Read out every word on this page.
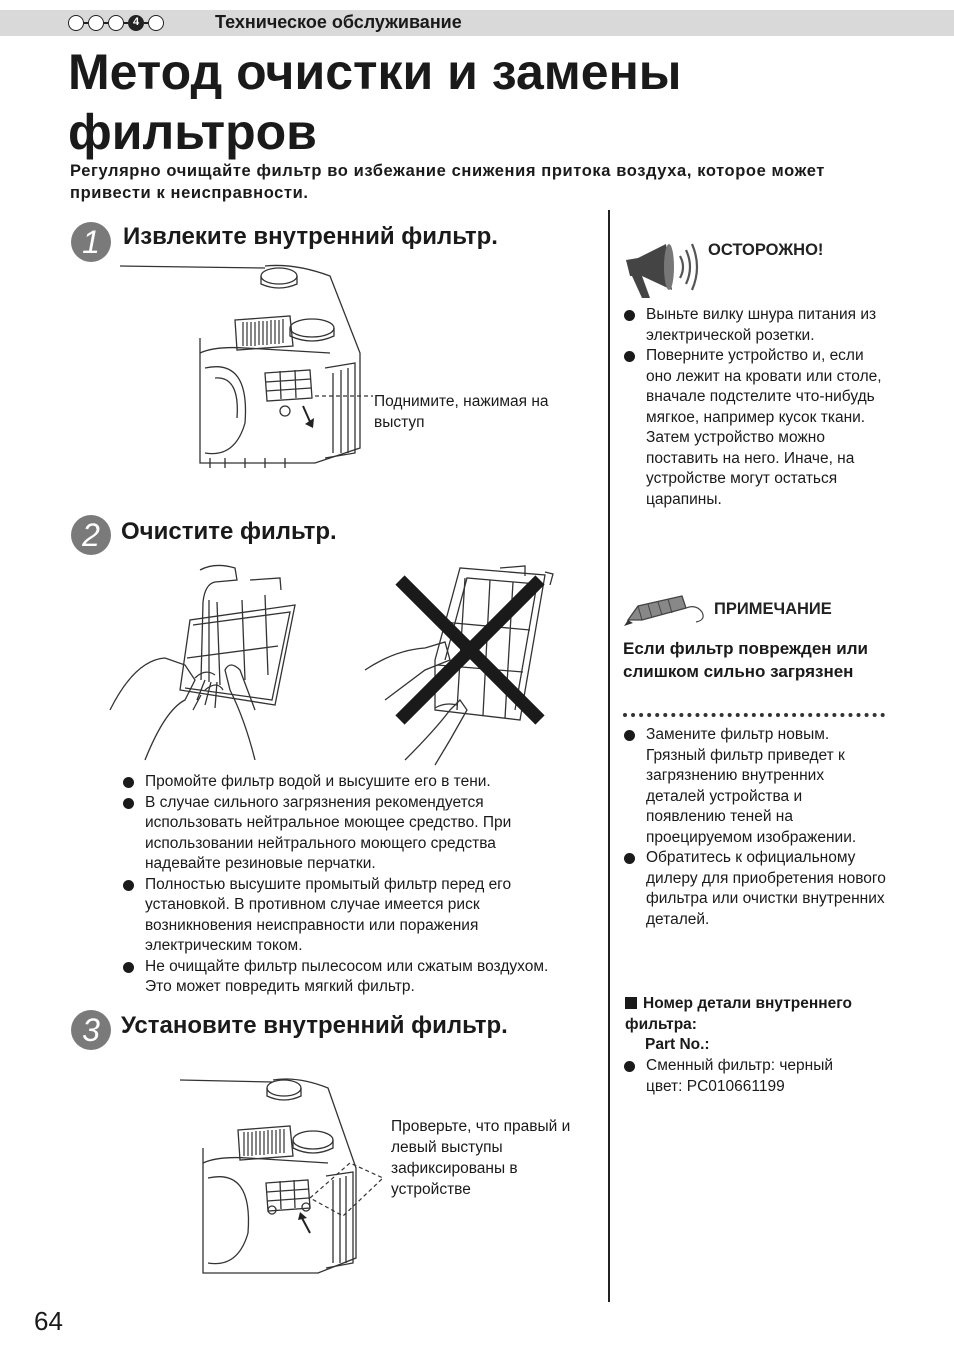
4	Техническое обслуживание
Метод очистки и замены фильтров
Регулярно очищайте фильтр во избежание снижения притока воздуха, которое может привести к неисправности.
1 Извлеките внутренний фильтр.
Поднимите, нажимая на выступ
2 Очистите фильтр.
Промойте фильтр водой и высушите его в тени.
В случае сильного загрязнения рекомендуется использовать нейтральное моющее средство. При использовании нейтрального моющего средства надевайте резиновые перчатки.
Полностью высушите промытый фильтр перед его установкой. В противном случае имеется риск возникновения неисправности или поражения электрическим током.
Не очищайте фильтр пылесосом или сжатым воздухом. Это может повредить мягкий фильтр.
3 Установите внутренний фильтр.
Проверьте, что правый и левый выступы зафиксированы в устройстве
ОСТОРОЖНО!
Выньте вилку шнура питания из электрической розетки.
Поверните устройство и, если оно лежит на кровати или столе, вначале подстелите что-нибудь мягкое, например кусок ткани. Затем устройство можно поставить на него. Иначе, на устройстве могут остаться царапины.
ПРИМЕЧАНИЕ
Если фильтр поврежден или слишком сильно загрязнен
Замените фильтр новым. Грязный фильтр приведет к загрязнению внутренних деталей устройства и появлению теней на проецируемом изображении.
Обратитесь к официальному дилеру для приобретения нового фильтра или очистки внутренних деталей.
Номер детали внутреннего фильтра:
Part No.:
Сменный фильтр: черный цвет: PC010661199
64
